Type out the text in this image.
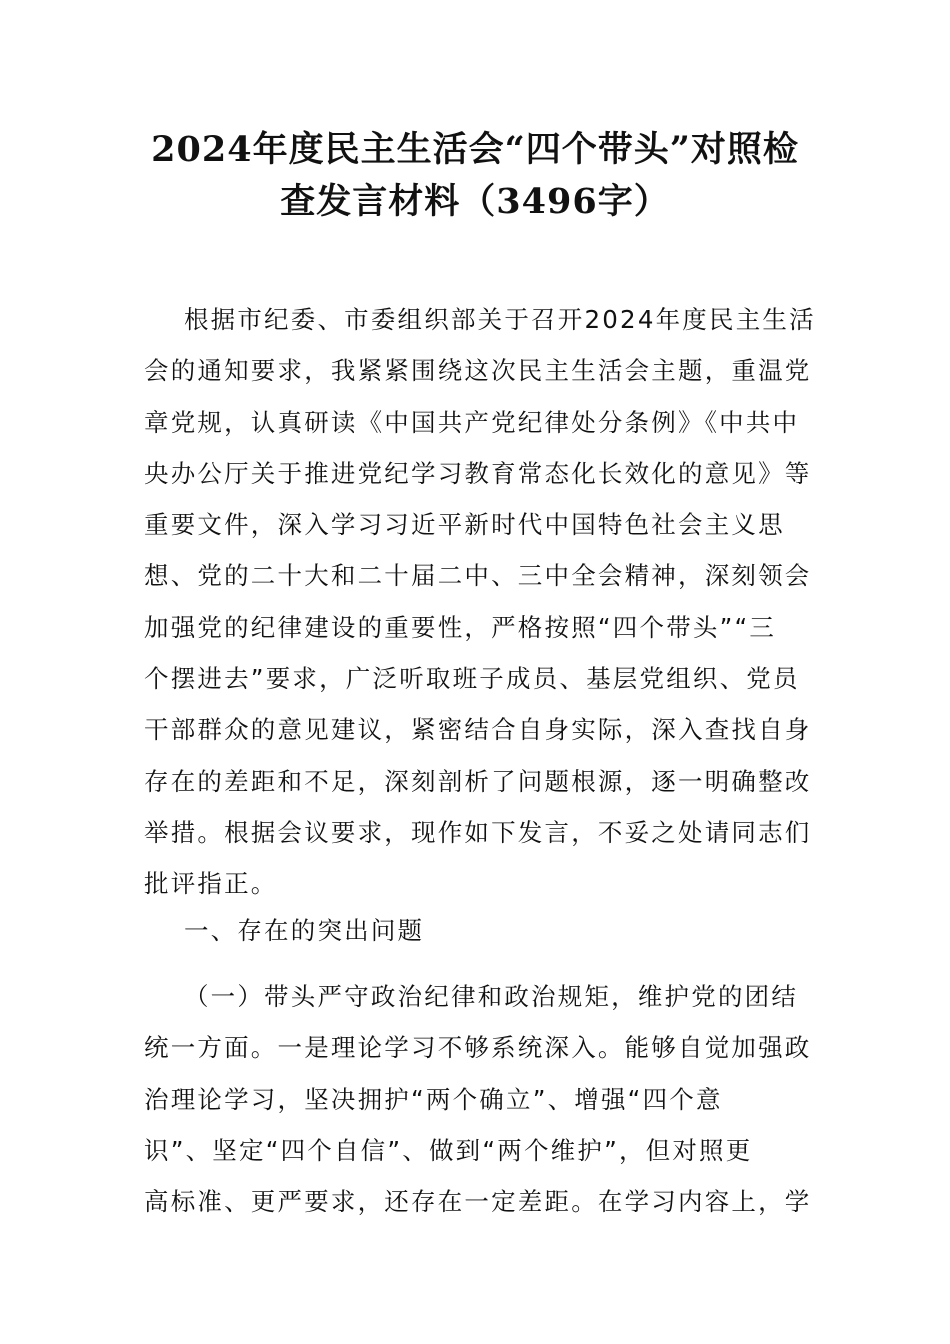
2024年度民主生活会“四个带头”对照检
查发言材料（3496字）
根据市纪委、市委组织部关于召开2024年度民主生活
会的通知要求，我紧紧围绕这次民主生活会主题，重温党
章党规，认真研读《中国共产党纪律处分条例》《中共中
央办公厅关于推进党纪学习教育常态化长效化的意见》等
重要文件，深入学习习近平新时代中国特色社会主义思
想、党的二十大和二十届二中、三中全会精神，深刻领会
加强党的纪律建设的重要性，严格按照“四个带头”“三
个摆进去”要求，广泛听取班子成员、基层党组织、党员
干部群众的意见建议，紧密结合自身实际，深入查找自身
存在的差距和不足，深刻剖析了问题根源，逐一明确整改
举措。根据会议要求，现作如下发言，不妥之处请同志们
批评指正。
一、存在的突出问题
（一）带头严守政治纪律和政治规矩，维护党的团结
统一方面。一是理论学习不够系统深入。能够自觉加强政
治理论学习，坚决拥护“两个确立”、增强“四个意
识”、坚定“四个自信”、做到“两个维护”，但对照更
高标准、更严要求，还存在一定差距。在学习内容上，学
